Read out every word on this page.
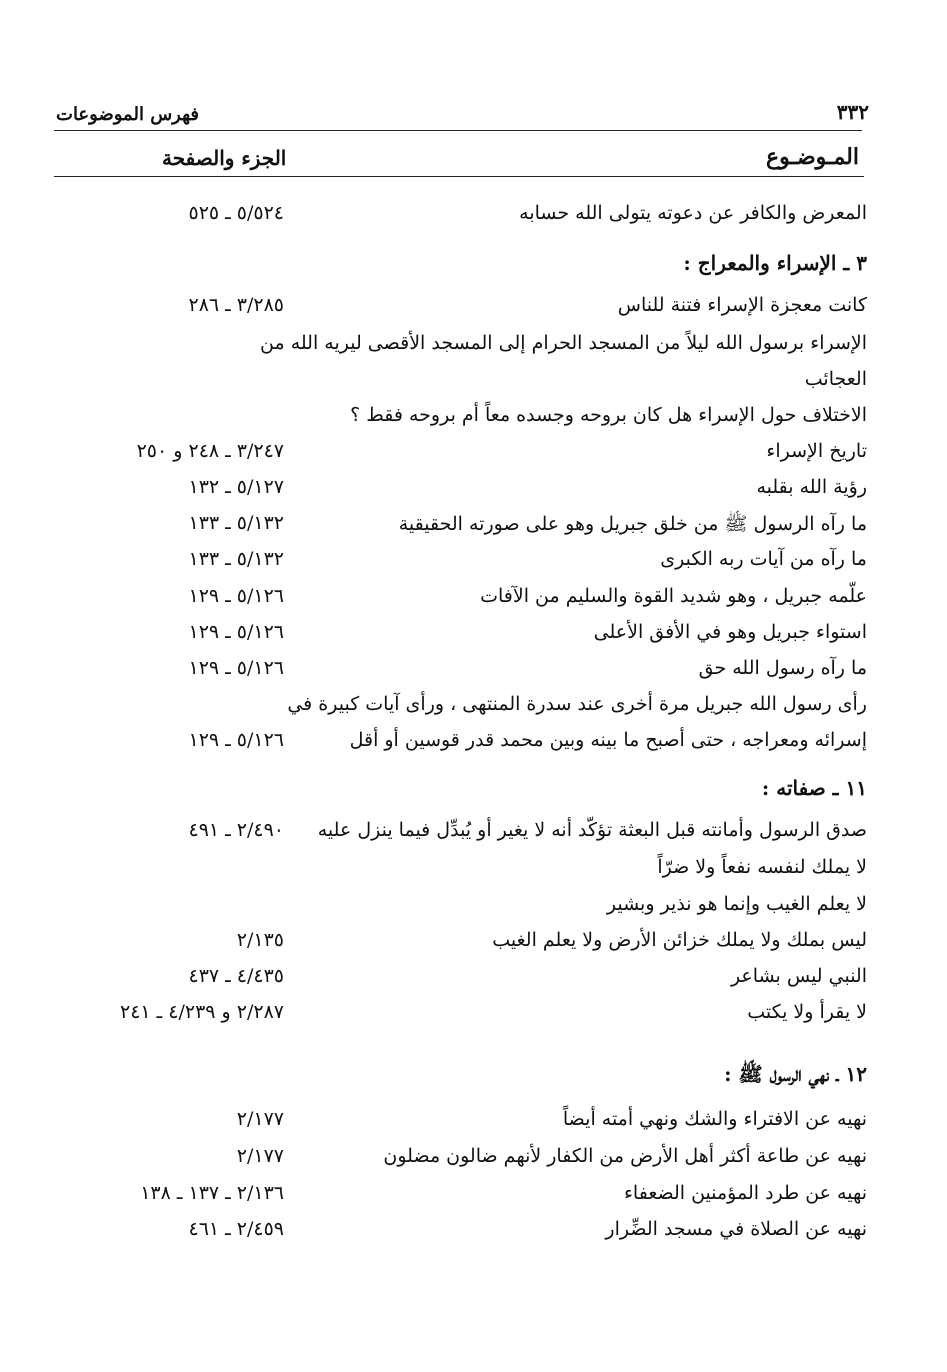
فهرس الموضوعات	٣٣٢
المـوضـوع
الجزء والصفحة
المعرض والكافر عن دعوته يتولى الله حسابه
٥/٥٢٤ ـ ٥٢٥
٣ ـ الإسراء والمعراج :
كانت معجزة الإسراء فتنة للناس
٣/٢٨٥ ـ ٢٨٦
الإسراء برسول الله ليلاً من المسجد الحرام إلى المسجد الأقصى ليريه الله من
العجائب
الاختلاف حول الإسراء هل كان بروحه وجسده معاً أم بروحه فقط ؟
تاريخ الإسراء
٣/٢٤٧ ـ ٢٤٨ و ٢٥٠
رؤية الله بقلبه
٥/١٢٧ ـ ١٣٢
ما رآه الرسول ﷺ من خلق جبريل وهو على صورته الحقيقية
٥/١٣٢ ـ ١٣٣
ما رآه من آيات ربه الكبرى
٥/١٣٢ ـ ١٣٣
علّمه جبريل ، وهو شديد القوة والسليم من الآفات
٥/١٢٦ ـ ١٢٩
استواء جبريل وهو في الأفق الأعلى
٥/١٢٦ ـ ١٢٩
ما رآه رسول الله حق
٥/١٢٦ ـ ١٢٩
رأى رسول الله جبريل مرة أخرى عند سدرة المنتهى ، ورأى آيات كبيرة في
إسرائه ومعراجه ، حتى أصبح ما بينه وبين محمد قدر قوسين أو أقل
٥/١٢٦ ـ ١٢٩
١١ ـ صفاته :
صدق الرسول وأمانته قبل البعثة تؤكّد أنه لا يغير أو يُبدِّل فيما ينزل عليه
٢/٤٩٠ ـ ٤٩١
لا يملك لنفسه نفعاً ولا ضرّاً
لا يعلم الغيب وإنما هو نذير وبشير
ليس بملك ولا يملك خزائن الأرض ولا يعلم الغيب
٢/١٣٥
النبي ليس بشاعر
٤/٤٣٥ ـ ٤٣٧
لا يقرأ ولا يكتب
٢/٢٨٧ و ٤/٢٣٩ ـ ٢٤١
١٢ ـ نهي الرسول ﷺ :
نهيه عن الافتراء والشك ونهي أمته أيضاً
٢/١٧٧
نهيه عن طاعة أكثر أهل الأرض من الكفار لأنهم ضالون مضلون
٢/١٧٧
نهيه عن طرد المؤمنين الضعفاء
٢/١٣٦ ـ ١٣٧ ـ ١٣٨
نهيه عن الصلاة في مسجد الضِّرار
٢/٤٥٩ ـ ٤٦١
